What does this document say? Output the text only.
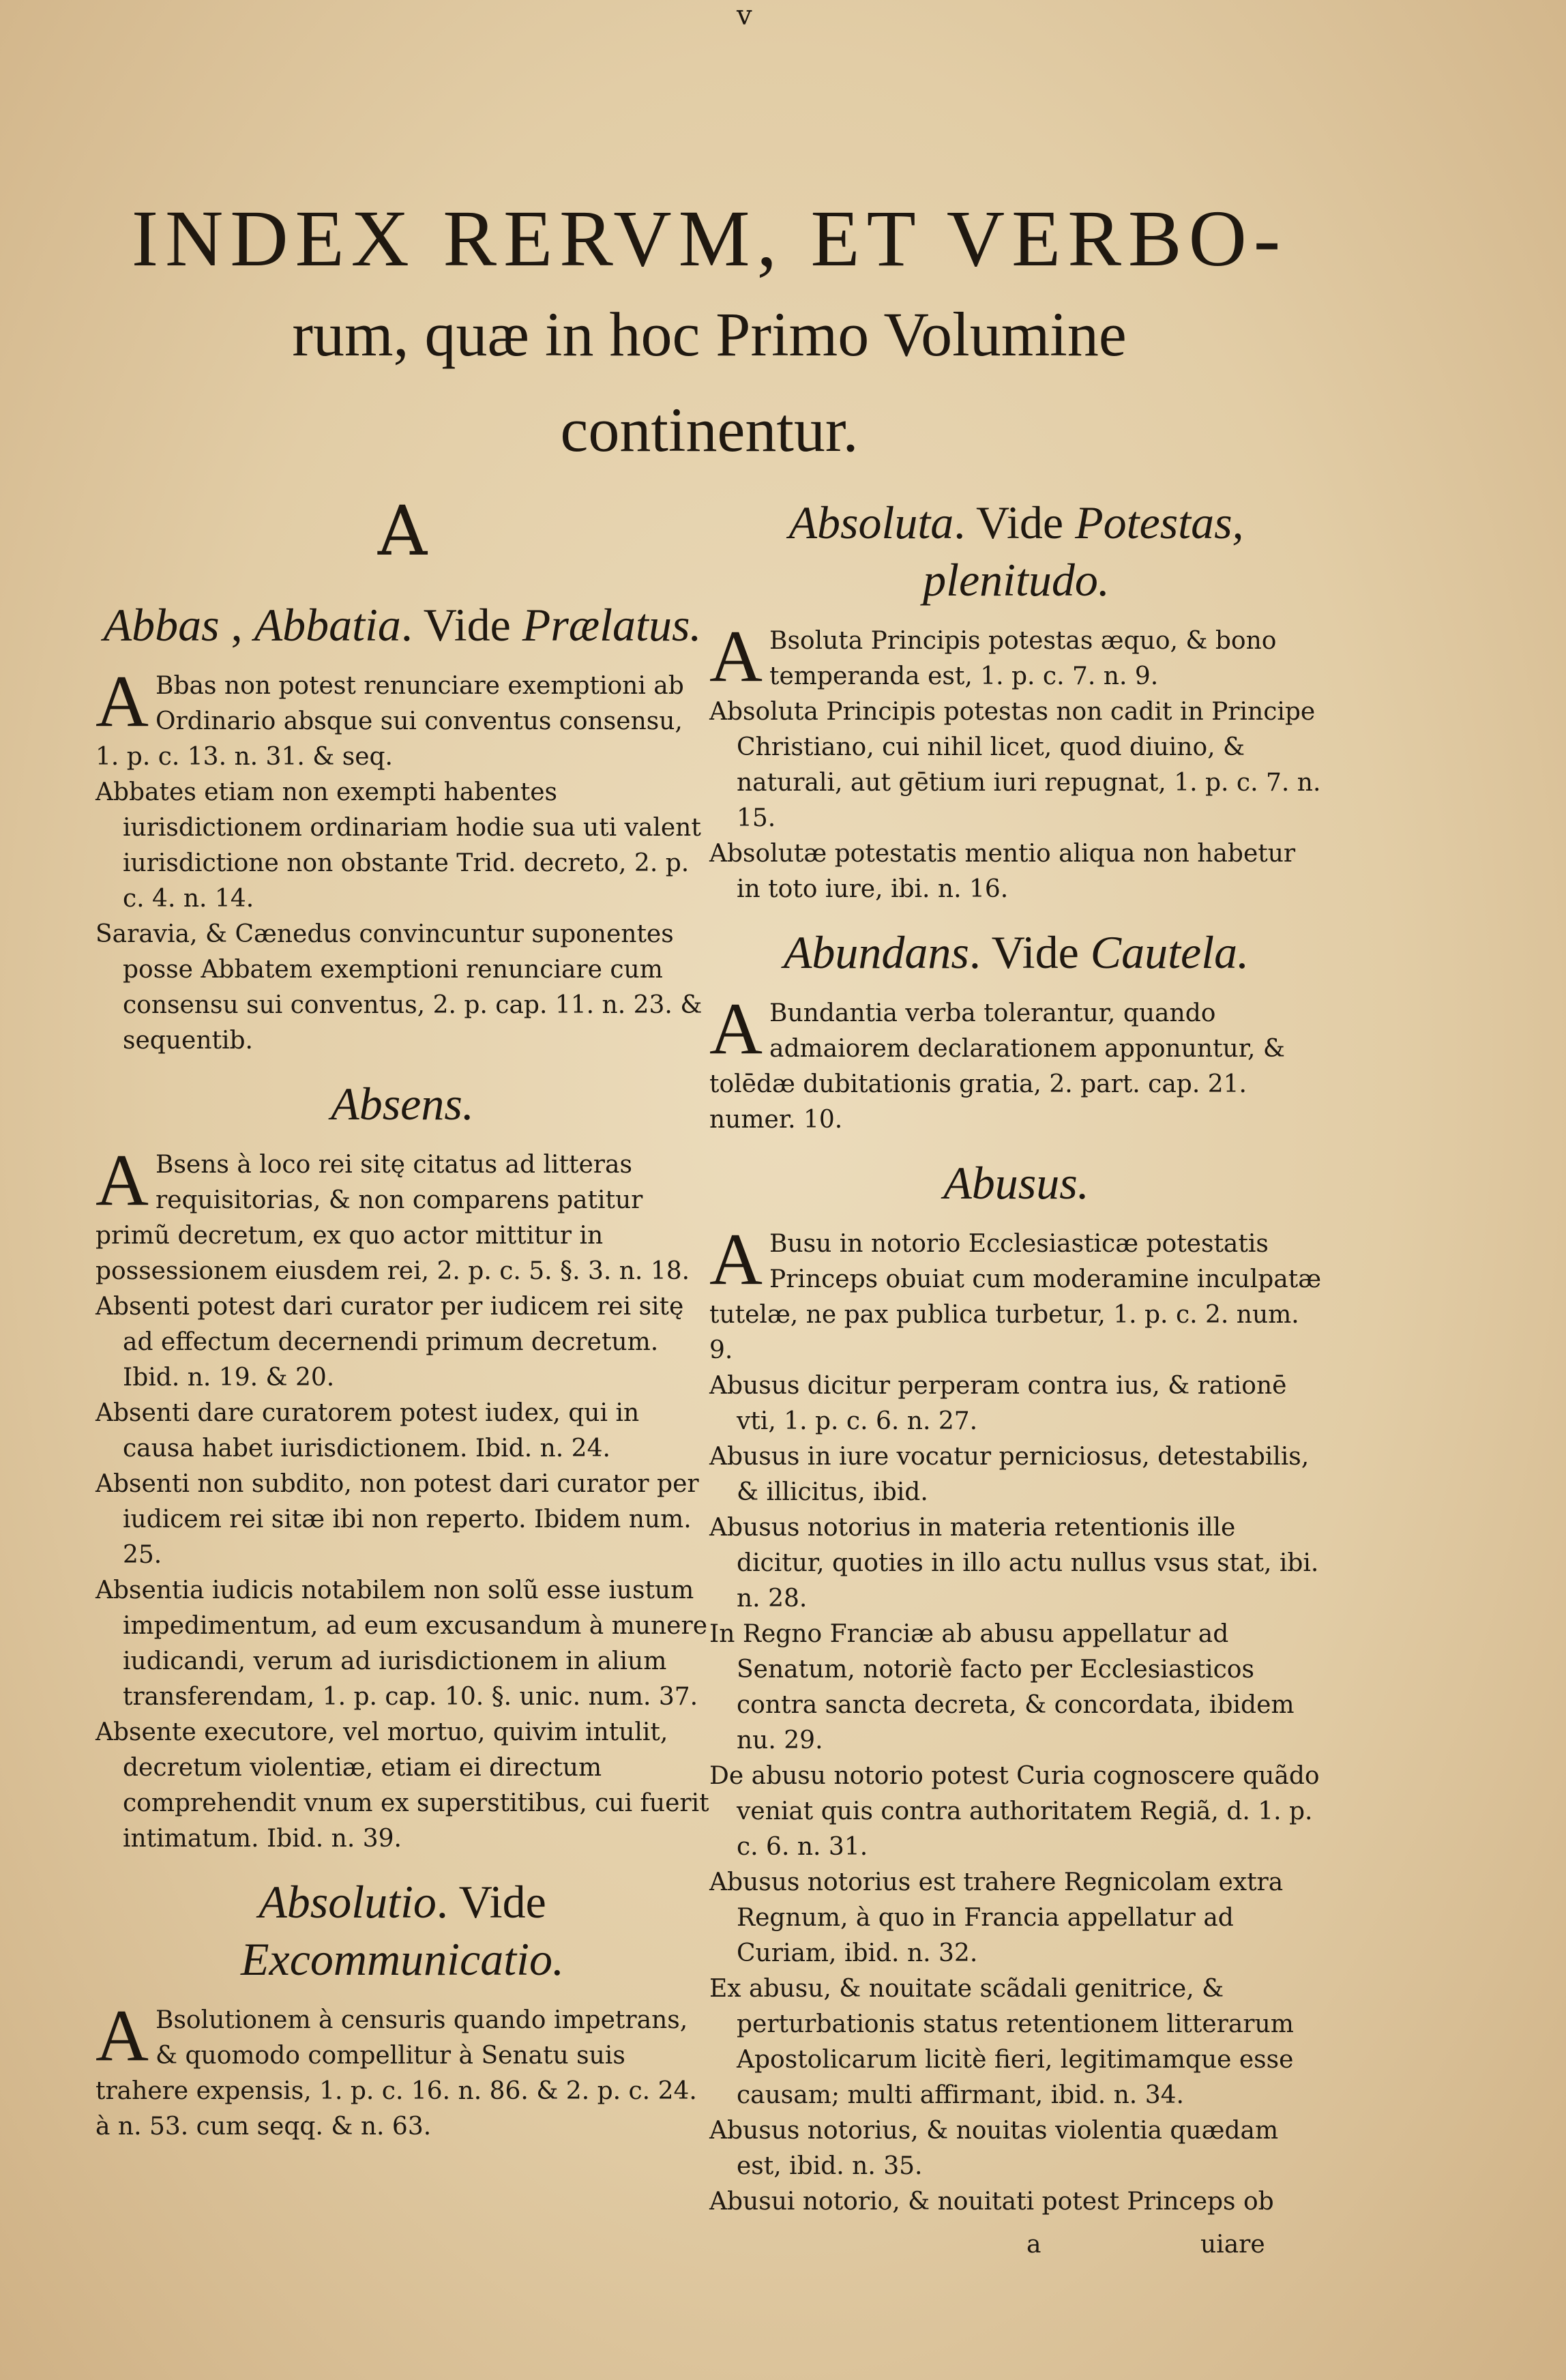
v
INDEX RERVM, ET VERBO-
rum, quæ in hoc Primo Volumine
continentur.
A
Abbas , Abbatia. Vide Prælatus.

A Bbas non potest renunciare exemptioni ab Ordinario absque sui conventus consensu, 1. p. c. 13. n. 31. & seq.

Abbates etiam non exempti habentes iurisdictionem ordinariam hodie sua uti valent iurisdictione non obstante Trid. decreto, 2. p. c. 4. n. 14.

Saravia, & Cænedus convincuntur suponentes posse Abbatem exemptioni renunciare cum consensu sui conventus, 2. p. cap. 11. n. 23. & sequentib.

Absens.

A Bsens à loco rei sitę citatus ad litteras requisitorias, & non comparens patitur primũ decretum, ex quo actor mittitur in possessionem eiusdem rei, 2. p. c. 5. §. 3. n. 18.

Absenti potest dari curator per iudicem rei sitę ad effectum decernendi primum decretum. Ibid. n. 19. & 20.

Absenti dare curatorem potest iudex, qui in causa habet iurisdictionem. Ibid. n. 24.

Absenti non subdito, non potest dari curator per iudicem rei sitæ ibi non reperto. Ibidem num. 25.

Absentia iudicis notabilem non solũ esse iustum impedimentum, ad eum excusandum à munere iudicandi, verum ad iurisdictionem in alium transferendam, 1. p. cap. 10. §. unic. num. 37.

Absente executore, vel mortuo, quivim intulit, decretum violentiæ, etiam ei directum comprehendit vnum ex superstitibus, cui fuerit intimatum. Ibid. n. 39.

Absolutio. Vide Excommunicatio.

A Bsolutionem à censuris quando impetrans, & quomodo compellitur à Senatu suis trahere expensis, 1. p. c. 16. n. 86. & 2. p. c. 24. à n. 53. cum seqq. & n. 63.

Absoluta. Vide Potestas, plenitudo.

A Bsoluta Principis potestas æquo, & bono temperanda est, 1. p. c. 7. n. 9.

Absoluta Principis potestas non cadit in Principe Christiano, cui nihil licet, quod diuino, & naturali, aut gētium iuri repugnat, 1. p. c. 7. n. 15.

Absolutæ potestatis mentio aliqua non habetur in toto iure, ibi. n. 16.

Abundans. Vide Cautela.

A Bundantia verba tolerantur, quando admaiorem declarationem apponuntur, & tolēdæ dubitationis gratia, 2. part. cap. 21. numer. 10.

Abusus.

A Busu in notorio Ecclesiasticæ potestatis Princeps obuiat cum moderamine inculpatæ tutelæ, ne pax publica turbetur, 1. p. c. 2. num. 9.

Abusus dicitur perperam contra ius, & rationē vti, 1. p. c. 6. n. 27.

Abusus in iure vocatur perniciosus, detestabilis, & illicitus, ibid.

Abusus notorius in materia retentionis ille dicitur, quoties in illo actu nullus vsus stat, ibi. n. 28.

In Regno Franciæ ab abusu appellatur ad Senatum, notoriè facto per Ecclesiasticos contra sancta decreta, & concordata, ibidem nu. 29.

De abusu notorio potest Curia cognoscere quãdo veniat quis contra authoritatem Regiã, d. 1. p. c. 6. n. 31.

Abusus notorius est trahere Regnicolam extra Regnum, à quo in Francia appellatur ad Curiam, ibid. n. 32.

Ex abusu, & nouitate scãdali genitrice, & perturbationis status retentionem litterarum Apostolicarum licitè fieri, legitimamque esse causam; multi affirmant, ibid. n. 34.

Abusus notorius, & nouitas violentia quædam est, ibid. n. 35.

Abusui notorio, & nouitati potest Princeps ob

a	uiare
